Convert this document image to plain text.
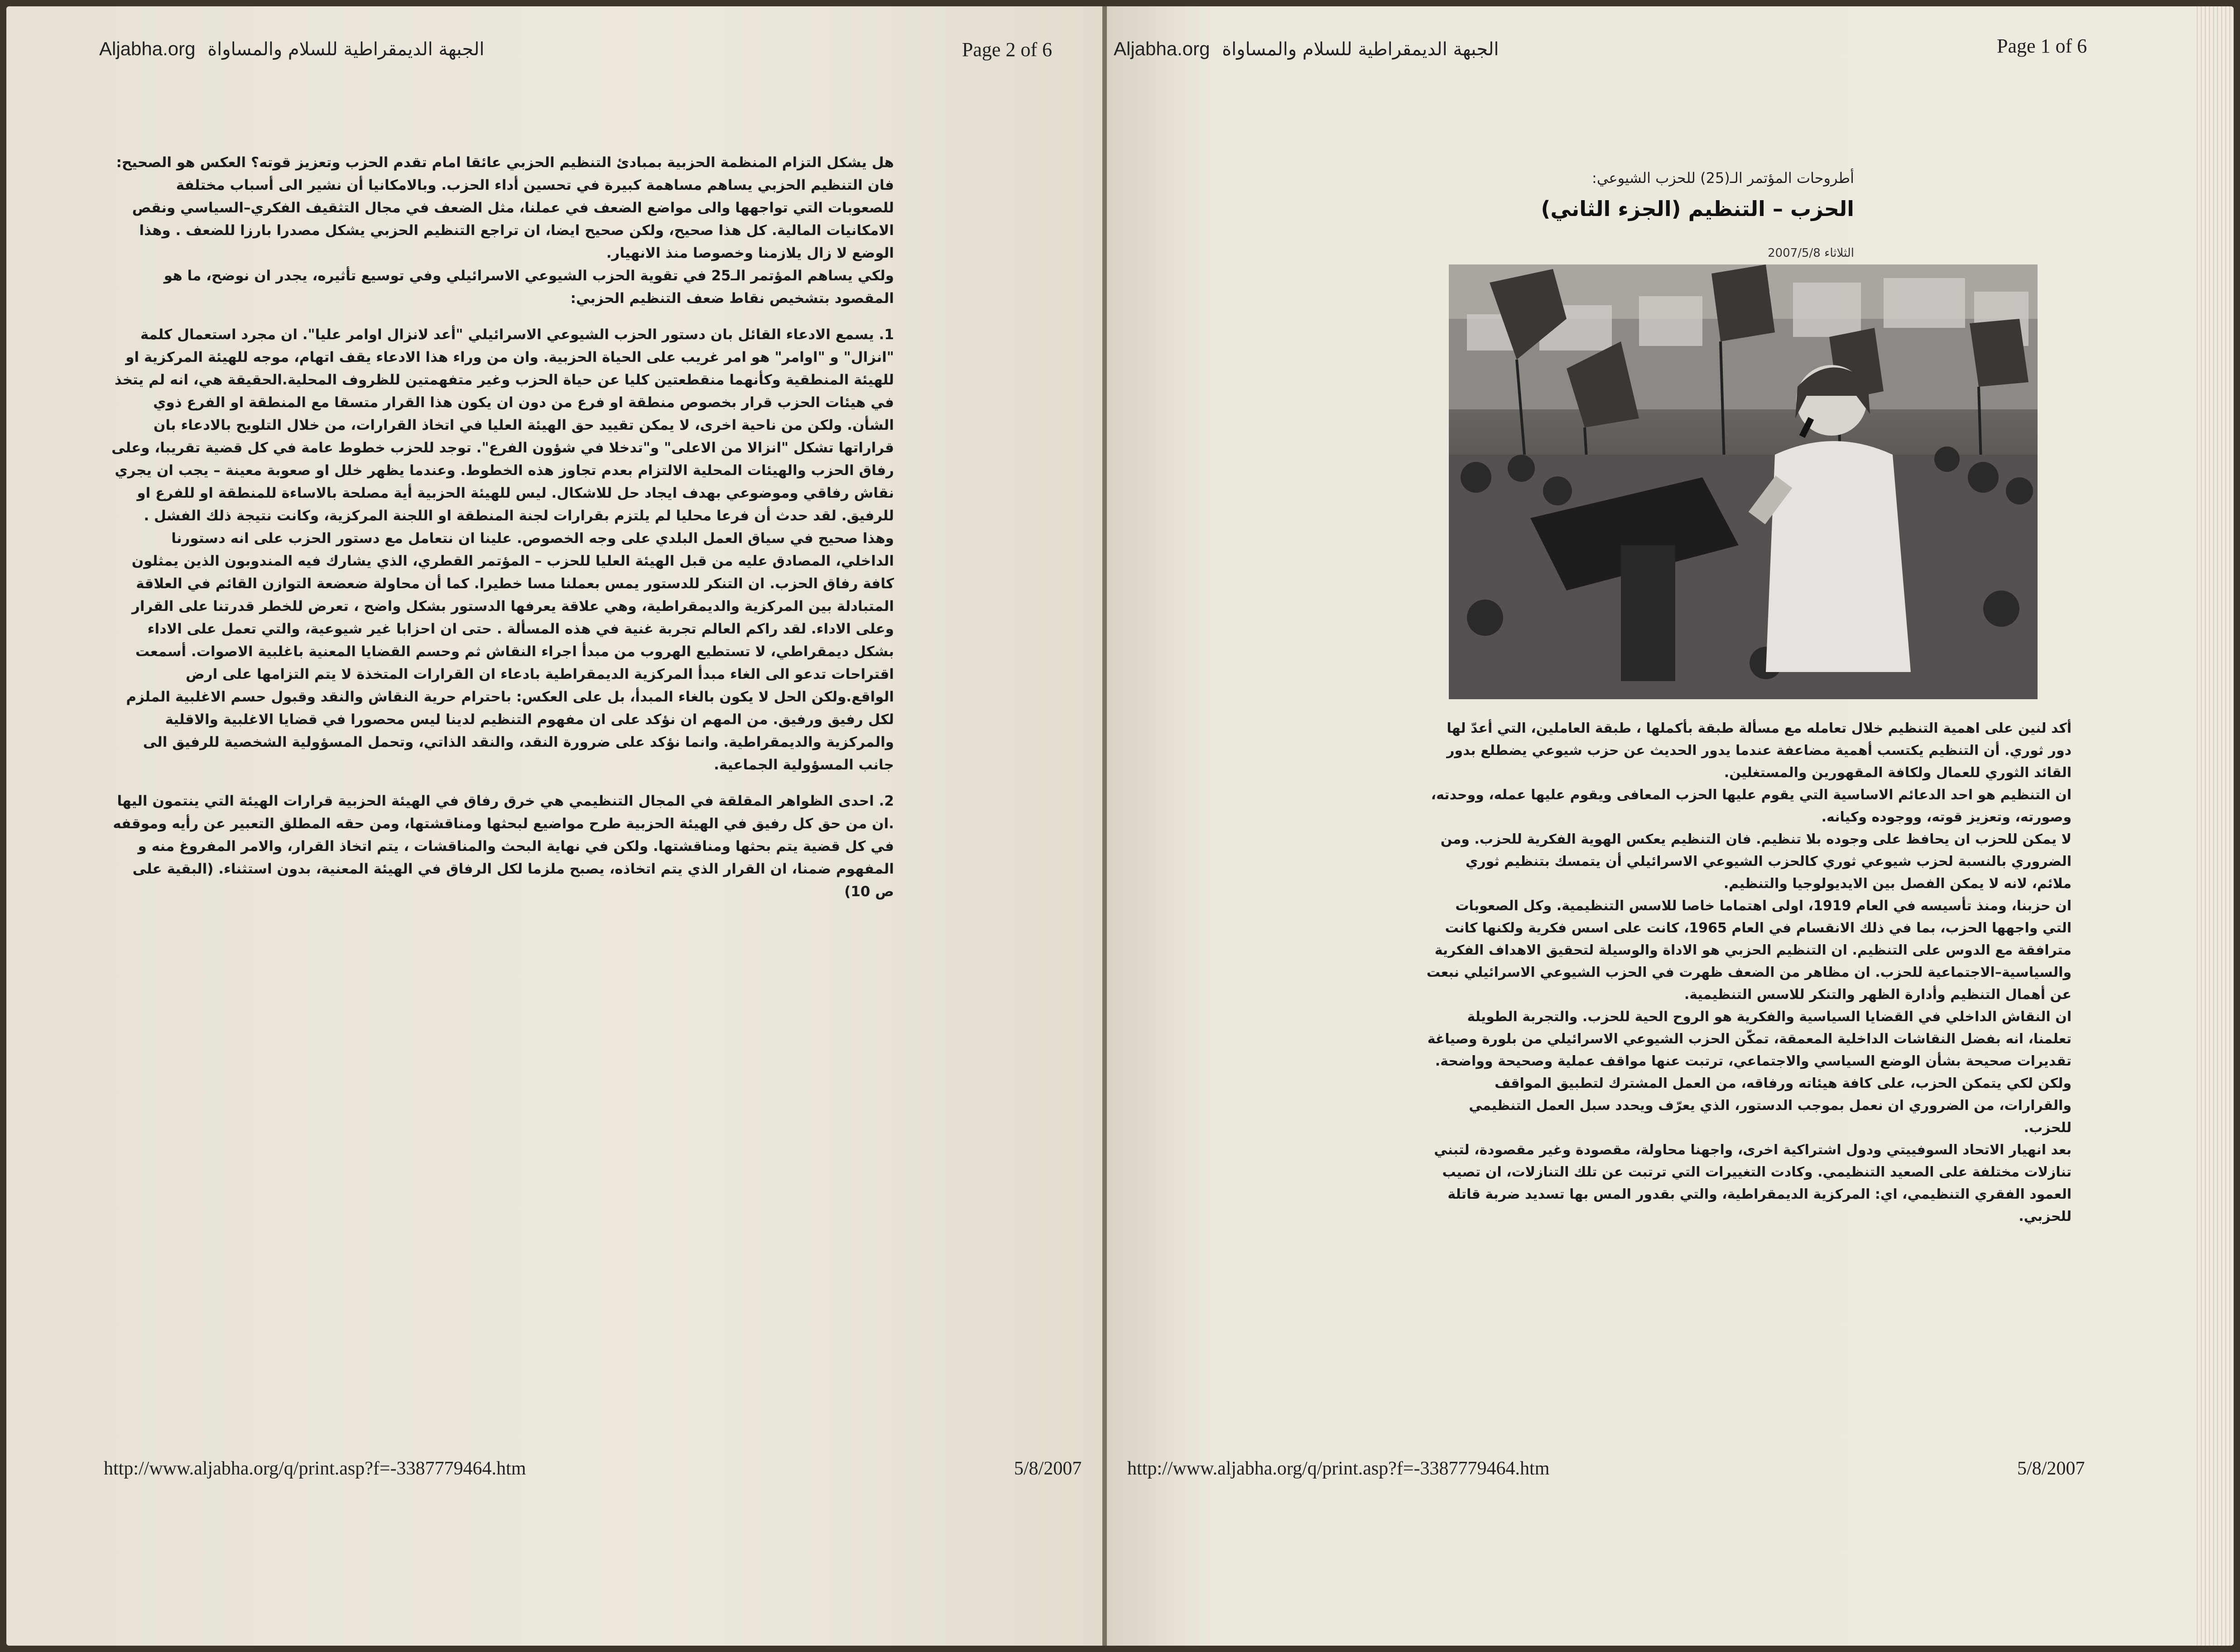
Aljabha.org الجبهة الديمقراطية للسلام والمساواة	Page 2 of 6

هل يشكل التزام المنظمة الحزبية بمبادئ التنظيم الحزبي عائقا امام تقدم الحزب وتعزيز قوته؟ العكس هو الصحيح: فان التنظيم الحزبي يساهم مساهمة كبيرة في تحسين أداء الحزب. وبالامكانيا أن نشير الى أسباب مختلفة للصعوبات التي تواجهها والى مواضع الضعف في عملنا، مثل الضعف في مجال التثقيف الفكري–السياسي ونقص الامكانيات المالية. كل هذا صحيح، ولكن صحيح ايضا، ان تراجع التنظيم الحزبي يشكل مصدرا بارزا للضعف . وهذا الوضع لا زال يلازمنا وخصوصا منذ الانهيار.

ولكي يساهم المؤتمر الـ25 في تقوية الحزب الشيوعي الاسرائيلي وفي توسيع تأثيره، يجدر ان نوضح، ما هو المقصود بتشخيص نقاط ضعف التنظيم الحزبي:

1. يسمع الادعاء القائل بان دستور الحزب الشيوعي الاسرائيلي "أعد لانزال اوامر عليا". ان مجرد استعمال كلمة "انزال" و "اوامر" هو امر غريب على الحياة الحزبية. وان من وراء هذا الادعاء يقف اتهام، موجه للهيئة المركزية او للهيئة المنطقية وكأنهما منقطعتين كليا عن حياة الحزب وغير متفهمتين للظروف المحلية.الحقيقة هي، انه لم يتخذ في هيئات الحزب قرار بخصوص منطقة او فرع من دون ان يكون هذا القرار متسقا مع المنطقة او الفرع ذوي الشأن. ولكن من ناحية اخرى، لا يمكن تقييد حق الهيئة العليا في اتخاذ القرارات، من خلال التلويح بالادعاء بان قراراتها تشكل "انزالا من الاعلى" و"تدخلا في شؤون الفرع". توجد للحزب خطوط عامة في كل قضية تقريبا، وعلى رفاق الحزب والهيئات المحلية الالتزام بعدم تجاوز هذه الخطوط. وعندما يظهر خلل او صعوبة معينة – يجب ان يجري نقاش رفاقي وموضوعي بهدف ايجاد حل للاشكال. ليس للهيئة الحزبية أية مصلحة بالاساءة للمنطقة او للفرع او للرفيق. لقد حدث أن فرعا محليا لم يلتزم بقرارات لجنة المنطقة او اللجنة المركزية، وكانت نتيجة ذلك الفشل . وهذا صحيح في سياق العمل البلدي على وجه الخصوص. علينا ان نتعامل مع دستور الحزب على انه دستورنا الداخلي، المصادق عليه من قبل الهيئة العليا للحزب – المؤتمر القطري، الذي يشارك فيه المندوبون الذين يمثلون كافة رفاق الحزب. ان التنكر للدستور يمس بعملنا مسا خطيرا. كما أن محاولة ضعضعة التوازن القائم في العلاقة المتبادلة بين المركزية والديمقراطية، وهي علاقة يعرفها الدستور بشكل واضح ، تعرض للخطر قدرتنا على القرار وعلى الاداء. لقد راكم العالم تجربة غنية في هذه المسألة . حتى ان احزابا غير شيوعية، والتي تعمل على الاداء بشكل ديمقراطي، لا تستطيع الهروب من مبدأ اجراء النقاش ثم وحسم القضايا المعنية باغلبية الاصوات. أسمعت اقتراحات تدعو الى الغاء مبدأ المركزية الديمقراطية بادعاء ان القرارات المتخذة لا يتم التزامها على ارض الواقع.ولكن الحل لا يكون بالغاء المبدأ، بل على العكس: باحترام حرية النقاش والنقد وقبول حسم الاغلبية الملزم لكل رفيق ورفيق. من المهم ان نؤكد على ان مفهوم التنظيم لدينا ليس محصورا في قضايا الاغلبية والاقلية والمركزية والديمقراطية. وانما نؤكد على ضرورة النقد، والنقد الذاتي، وتحمل المسؤولية الشخصية للرفيق الى جانب المسؤولية الجماعية.

2. احدى الظواهر المقلقة في المجال التنظيمي هي خرق رفاق في الهيئة الحزبية قرارات الهيئة التي ينتمون اليها .ان من حق كل رفيق في الهيئة الحزبية طرح مواضيع لبحثها ومناقشتها، ومن حقه المطلق التعبير عن رأيه وموقفه في كل قضية يتم بحثها ومناقشتها. ولكن في نهاية البحث والمناقشات ، يتم اتخاذ القرار، والامر المفروغ منه و المفهوم ضمنا، ان القرار الذي يتم اتخاذه، يصبح ملزما لكل الرفاق في الهيئة المعنية، بدون استثناء. (البقية على ص 10)

http://www.aljabha.org/q/print.asp?f=-3387779464.htm	5/8/2007
Aljabha.org الجبهة الديمقراطية للسلام والمساواة	Page 1 of 6
http://www.aljabha.org/q/print.asp?f=-3387779464.htm	5/8/2007
أطروحات المؤتمر الـ(25) للحزب الشيوعي:
الحزب – التنظيم (الجزء الثاني)
الثلاثاء 2007/5/8

أكد لنين على اهمية التنظيم خلال تعامله مع مسألة طبقة بأكملها ، طبقة العاملين، التي أعدّ لها دور ثوري. أن التنظيم يكتسب أهمية مضاعفة عندما يدور الحديث عن حزب شيوعي يضطلع بدور القائد الثوري للعمال ولكافة المقهورين والمستغلين.

ان التنظيم هو احد الدعائم الاساسية التي يقوم عليها الحزب المعافى ويقوم عليها عمله، ووحدته، وصورته، وتعزيز قوته، ووجوده وكيانه.

لا يمكن للحزب ان يحافظ على وجوده بلا تنظيم. فان التنظيم يعكس الهوية الفكرية للحزب. ومن الضروري بالنسبة لحزب شيوعي ثوري كالحزب الشيوعي الاسرائيلي أن يتمسك بتنظيم ثوري ملائم، لانه لا يمكن الفصل بين الايديولوجيا والتنظيم.

ان حزبنا، ومنذ تأسيسه في العام 1919، اولى اهتماما خاصا للاسس التنظيمية. وكل الصعوبات التي واجهها الحزب، بما في ذلك الانقسام في العام 1965، كانت على اسس فكرية ولكنها كانت مترافقة مع الدوس على التنظيم. ان التنظيم الحزبي هو الاداة والوسيلة لتحقيق الاهداف الفكرية والسياسية–الاجتماعية للحزب. ان مظاهر من الضعف ظهرت في الحزب الشيوعي الاسرائيلي نبعت عن أهمال التنظيم وأدارة الظهر والتنكر للاسس التنظيمية.

ان النقاش الداخلي في القضايا السياسية والفكرية هو الروح الحية للحزب. والتجربة الطويلة تعلمنا، انه بفضل النقاشات الداخلية المعمقة، تمكّن الحزب الشيوعي الاسرائيلي من بلورة وصياغة تقديرات صحيحة بشأن الوضع السياسي والاجتماعي، ترتبت عنها مواقف عملية وصحيحة وواضحة. ولكن لكي يتمكن الحزب، على كافة هيئاته ورفاقه، من العمل المشترك لتطبيق المواقف والقرارات، من الضروري ان نعمل بموجب الدستور، الذي يعرّف ويحدد سبل العمل التنظيمي للحزب.

بعد انهيار الاتحاد السوفييتي ودول اشتراكية اخرى، واجهنا محاولة، مقصودة وغير مقصودة، لتبني تنازلات مختلفة على الصعيد التنظيمي. وكادت التغييرات التي ترتبت عن تلك التنازلات، ان تصيب العمود الفقري التنظيمي، اي: المركزية الديمقراطية، والتي بقدور المس بها تسديد ضربة قاتلة للحزبي.
